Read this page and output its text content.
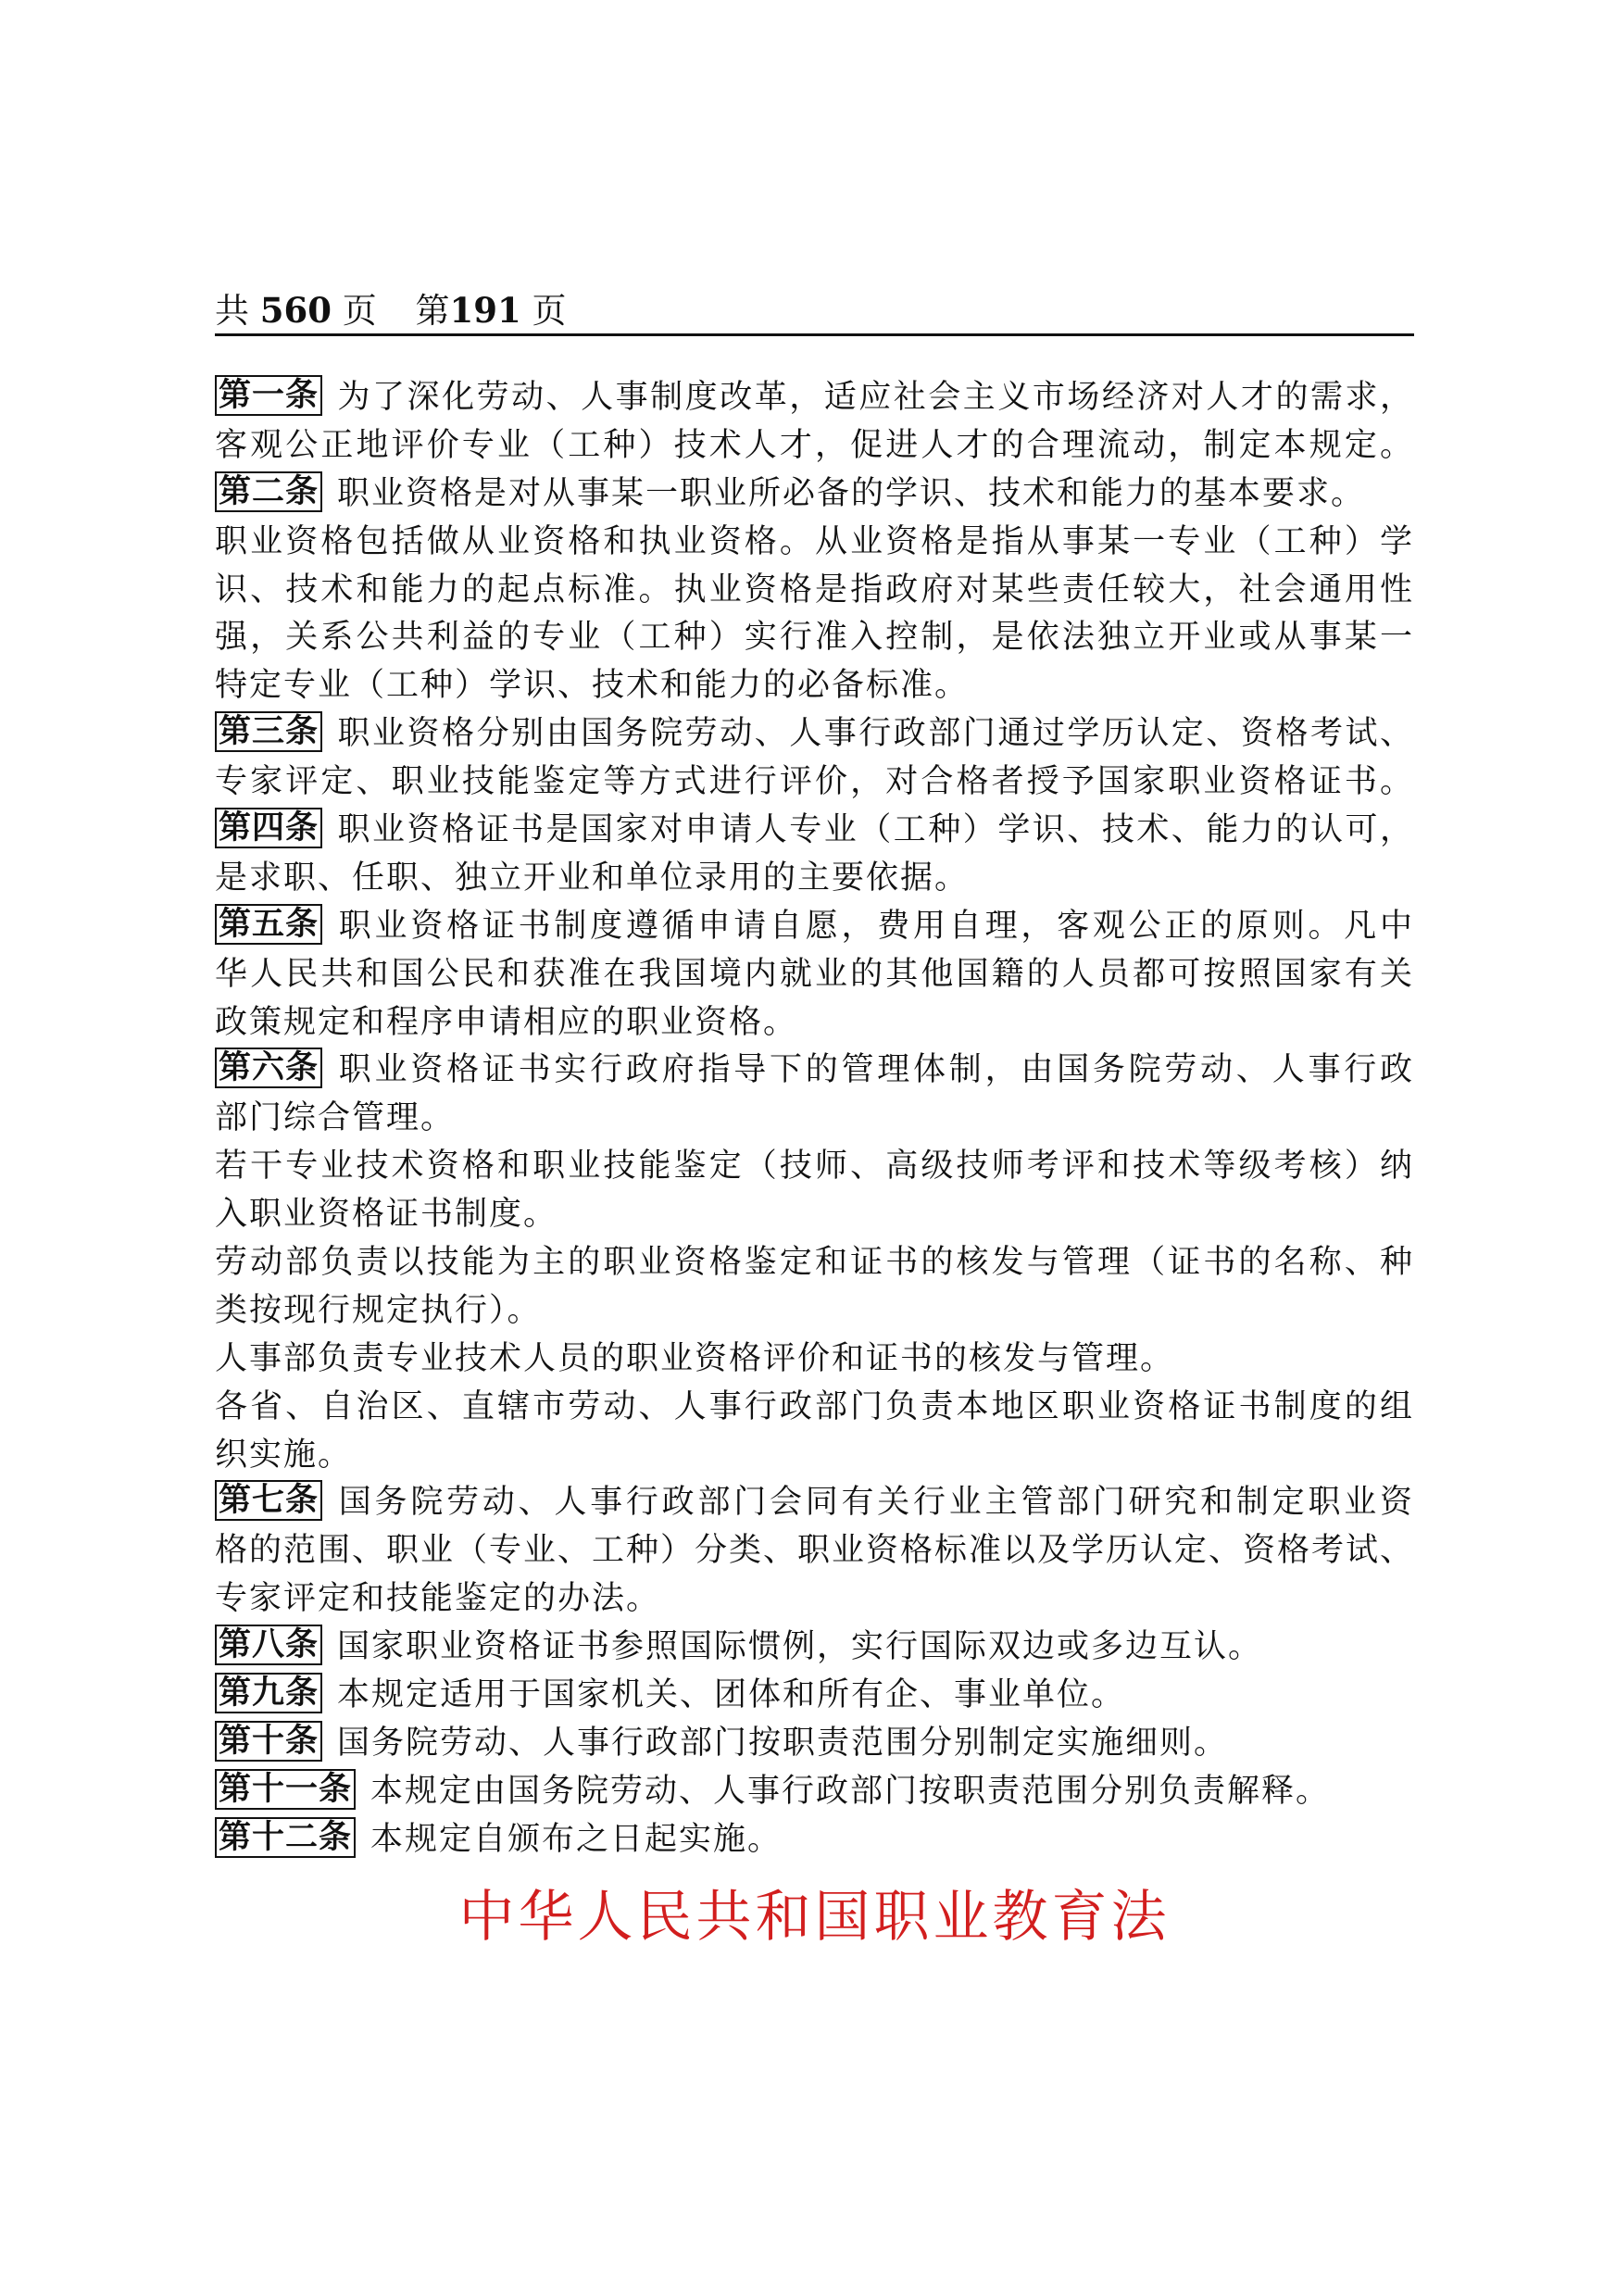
共 560 页 第191 页
第一条 为了深化劳动、人事制度改革，适应社会主义市场经济对人才的需求，
客观公正地评价专业（工种）技术人才，促进人才的合理流动，制定本规定。
第二条 职业资格是对从事某一职业所必备的学识、技术和能力的基本要求。
职业资格包括做从业资格和执业资格。从业资格是指从事某一专业（工种）学
识、技术和能力的起点标准。执业资格是指政府对某些责任较大，社会通用性
强，关系公共利益的专业（工种）实行准入控制，是依法独立开业或从事某一
特定专业（工种）学识、技术和能力的必备标准。
第三条 职业资格分别由国务院劳动、人事行政部门通过学历认定、资格考试、
专家评定、职业技能鉴定等方式进行评价，对合格者授予国家职业资格证书。
第四条 职业资格证书是国家对申请人专业（工种）学识、技术、能力的认可，
是求职、任职、独立开业和单位录用的主要依据。
第五条 职业资格证书制度遵循申请自愿，费用自理，客观公正的原则。凡中
华人民共和国公民和获准在我国境内就业的其他国籍的人员都可按照国家有关
政策规定和程序申请相应的职业资格。
第六条 职业资格证书实行政府指导下的管理体制，由国务院劳动、人事行政
部门综合管理。
若干专业技术资格和职业技能鉴定（技师、高级技师考评和技术等级考核）纳
入职业资格证书制度。
劳动部负责以技能为主的职业资格鉴定和证书的核发与管理（证书的名称、种
类按现行规定执行）。
人事部负责专业技术人员的职业资格评价和证书的核发与管理。
各省、自治区、直辖市劳动、人事行政部门负责本地区职业资格证书制度的组
织实施。
第七条 国务院劳动、人事行政部门会同有关行业主管部门研究和制定职业资
格的范围、职业（专业、工种）分类、职业资格标准以及学历认定、资格考试、
专家评定和技能鉴定的办法。
第八条 国家职业资格证书参照国际惯例，实行国际双边或多边互认。
第九条 本规定适用于国家机关、团体和所有企、事业单位。
第十条 国务院劳动、人事行政部门按职责范围分别制定实施细则。
第十一条 本规定由国务院劳动、人事行政部门按职责范围分别负责解释。
第十二条 本规定自颁布之日起实施。
中华人民共和国职业教育法
